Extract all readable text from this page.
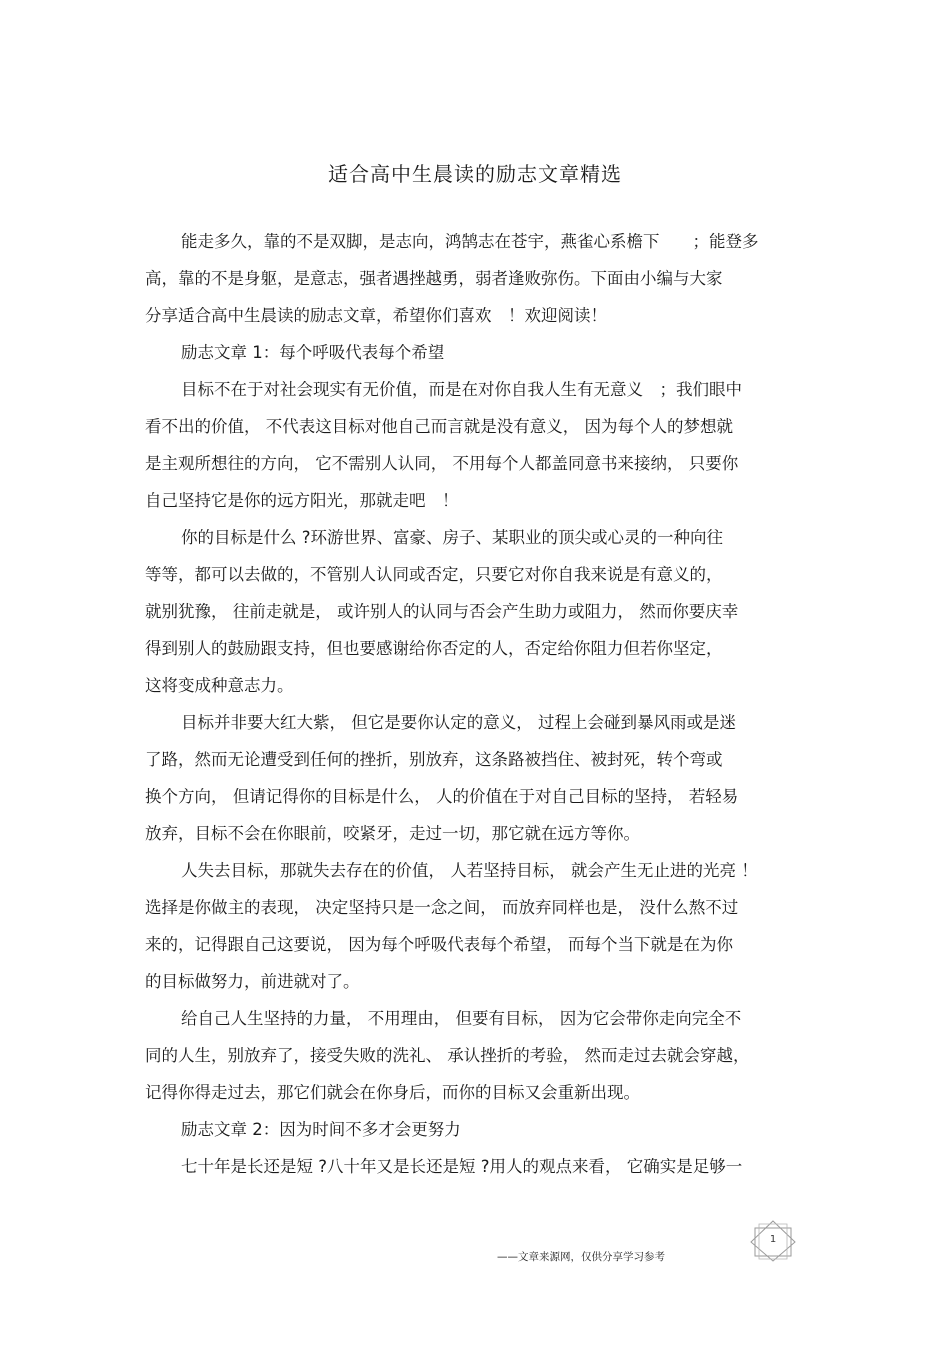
适合高中生晨读的励志文章精选
能走多久，靠的不是双脚，是志向，鸿鹄志在苍宇，燕雀心系檐下　　；能登多
高，靠的不是身躯，是意志，强者遇挫越勇，弱者逢败弥伤。下面由小编与大家
分享适合高中生晨读的励志文章，希望你们喜欢　！欢迎阅读！
励志文章 1：每个呼吸代表每个希望
目标不在于对社会现实有无价值，而是在对你自我人生有无意义　；我们眼中
看不出的价值， 不代表这目标对他自己而言就是没有意义， 因为每个人的梦想就
是主观所想往的方向， 它不需别人认同， 不用每个人都盖同意书来接纳， 只要你
自己坚持它是你的远方阳光，那就走吧　！
你的目标是什么 ?环游世界、富豪、房子、某职业的顶尖或心灵的一种向往
等等，都可以去做的，不管别人认同或否定，只要它对你自我来说是有意义的，
就别犹豫， 往前走就是， 或许别人的认同与否会产生助力或阻力， 然而你要庆幸
得到别人的鼓励跟支持，但也要感谢给你否定的人，否定给你阻力但若你坚定，
这将变成种意志力。
目标并非要大红大紫， 但它是要你认定的意义， 过程上会碰到暴风雨或是迷
了路，然而无论遭受到任何的挫折，别放弃，这条路被挡住、被封死，转个弯或
换个方向， 但请记得你的目标是什么， 人的价值在于对自己目标的坚持， 若轻易
放弃，目标不会在你眼前，咬紧牙，走过一切，那它就在远方等你。
人失去目标，那就失去存在的价值， 人若坚持目标， 就会产生无止进的光亮 ！
选择是你做主的表现， 决定坚持只是一念之间， 而放弃同样也是， 没什么熬不过
来的，记得跟自己这要说， 因为每个呼吸代表每个希望， 而每个当下就是在为你
的目标做努力，前进就对了。
给自己人生坚持的力量， 不用理由， 但要有目标， 因为它会带你走向完全不
同的人生，别放弃了，接受失败的洗礼、 承认挫折的考验， 然而走过去就会穿越，
记得你得走过去，那它们就会在你身后，而你的目标又会重新出现。
励志文章 2：因为时间不多才会更努力
七十年是长还是短 ?八十年又是长还是短 ?用人的观点来看， 它确实是足够一
1
——文章来源网，仅供分享学习参考
